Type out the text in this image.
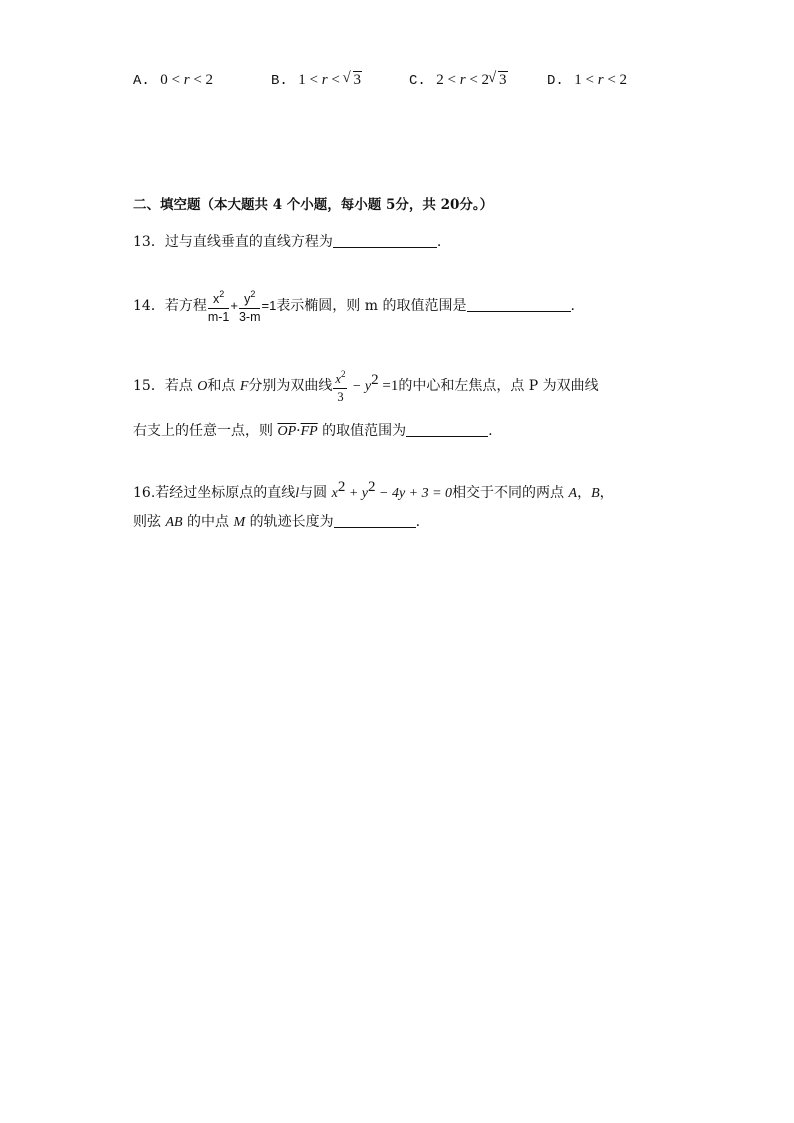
A. 0 < r < 2	B. 1 < r < √ 3	C. 2 < r < 2 √ 3	D. 1 < r < 2
二、填空题（本大题共 4 个小题，每小题 5分，共 20分。）
13．过与直线垂直的直线方程为	.
14．若方程 $\frac{x^2}{m-1} + \frac{y^2}{3-m} =1$表示椭圆，则 m 的取值范围是	.
15．若点 O和点 F分别为双曲线 $\frac{x^2}{3} - y^2 =1$的中心和左焦点，点 P 为双曲线
右支上的任意一点，则 $\overline{OP}\cdot\overline{FP}$ 的取值范围为	.
16.若经过坐标原点的直线l与圆 $x^2 + y^2 - 4y + 3 = 0$相交于不同的两点 A，B，
则弦 AB 的中点 M 的轨迹长度为	.
